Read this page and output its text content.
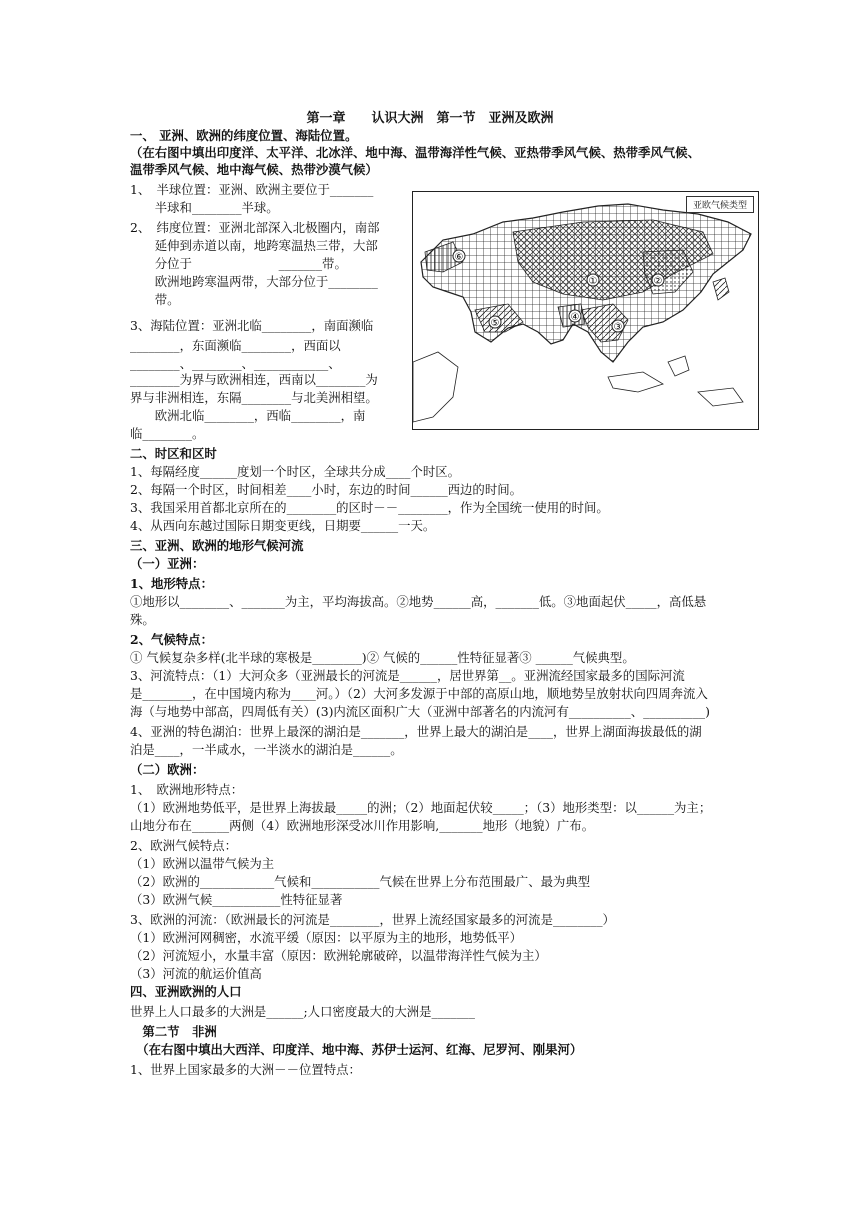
第一章　　认识大洲　第一节　亚洲及欧洲
一、 亚洲、欧洲的纬度位置、海陆位置。
（在右图中填出印度洋、太平洋、北冰洋、地中海、温带海洋性气候、亚热带季风气候、热带季风气候、
温带季风气候、地中海气候、热带沙漠气候）
1、　半球位置：亚洲、欧洲主要位于_______
　　半球和________半球。
2、　纬度位置：亚洲北部深入北极圈内，南部
　　延伸到赤道以南，地跨寒温热三带，大部
　　分位于　　　　　　　_______带。
　　欧洲地跨寒温两带，大部分位于________
　　带。
3、海陆位置：亚洲北临________，南面濒临
________，东面濒临________，西面以
________、________、____________、
________为界与欧洲相连，西南以________为
界与非洲相连，东隔________与北美洲相望。
　　欧洲北临________，西临________，南
临________。
二、时区和区时
1、每隔经度______度划一个时区，全球共分成____个时区。
2、每隔一个时区，时间相差____小时，东边的时间______西边的时间。
3、我国采用首都北京所在的________的区时－－________，作为全国统一使用的时间。
4、从西向东越过国际日期变更线，日期要______一天。
三、亚洲、欧洲的地形气候河流
（一）亚洲：
1、地形特点：
①地形以________、_______为主，平均海拔高。②地势______高，_______低。③地面起伏_____，高低悬
殊。
2、气候特点：
① 气候复杂多样(北半球的寒极是________)② 气候的______性特征显著③ ______气候典型。
3、河流特点：（1）大河众多（亚洲最长的河流是______，居世界第__。亚洲流经国家最多的国际河流
是________，在中国境内称为____河。）（2）大河多发源于中部的高原山地，顺地势呈放射状向四周奔流入
海（与地势中部高，四周低有关）(3)内流区面积广大（亚洲中部著名的内流河有__________、__________)
4、亚洲的特色湖泊：世界上最深的湖泊是_______，世界上最大的湖泊是____，世界上湖面海拔最低的湖
泊是____，一半咸水，一半淡水的湖泊是______。
（二）欧洲：
1、　欧洲地形特点：
（1）欧洲地势低平，是世界上海拔最_____的洲；（2）地面起伏较_____；（3）地形类型：以______为主；
山地分布在______两侧（4）欧洲地形深受冰川作用影响,_______地形（地貌）广布。
2、欧洲气候特点：
（1）欧洲以温带气候为主
（2）欧洲的____________气候和___________气候在世界上分布范围最广、最为典型
（3）欧洲气候___________性特征显著
3、欧洲的河流：（欧洲最长的河流是________，世界上流经国家最多的河流是________）
（1）欧洲河网稠密，水流平缓（原因：以平原为主的地形，地势低平）
（2）河流短小，水量丰富（原因：欧洲轮廓破碎，以温带海洋性气候为主）
（3）河流的航运价值高
四、亚洲欧洲的人口
世界上人口最多的大洲是______;人口密度最大的大洲是_______
　第二节　非洲
　（在右图中填出大西洋、印度洋、地中海、苏伊士运河、红海、尼罗河、刚果河）
1、世界上国家最多的大洲－－位置特点：
①	②
③
④
⑤
⑥
亚欧气候类型
